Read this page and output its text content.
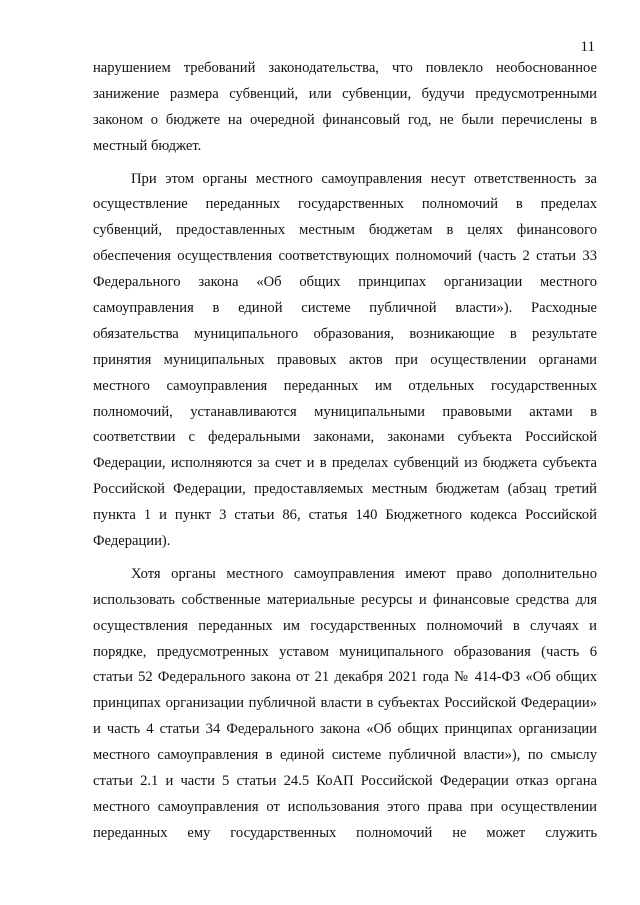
11
нарушением требований законодательства, что повлекло необоснованное
занижение размера субвенций, или субвенции, будучи предусмотренными
законом о бюджете на очередной финансовый год, не были перечислены в
местный бюджет.
При этом органы местного самоуправления несут ответственность за
осуществление переданных государственных полномочий в пределах
субвенций, предоставленных местным бюджетам в целях финансового
обеспечения осуществления соответствующих полномочий (часть 2 статьи 33
Федерального закона «Об общих принципах организации местного
самоуправления в единой системе публичной власти»). Расходные
обязательства муниципального образования, возникающие в результате
принятия муниципальных правовых актов при осуществлении органами
местного самоуправления переданных им отдельных государственных
полномочий, устанавливаются муниципальными правовыми актами в
соответствии с федеральными законами, законами субъекта Российской
Федерации, исполняются за счет и в пределах субвенций из бюджета субъекта
Российской Федерации, предоставляемых местным бюджетам (абзац третий
пункта 1 и пункт 3 статьи 86, статья 140 Бюджетного кодекса Российской
Федерации).
Хотя органы местного самоуправления имеют право дополнительно
использовать собственные материальные ресурсы и финансовые средства для
осуществления переданных им государственных полномочий в случаях и
порядке, предусмотренных уставом муниципального образования (часть 6
статьи 52 Федерального закона от 21 декабря 2021 года № 414-ФЗ «Об общих
принципах организации публичной власти в субъектах Российской Федерации»
и часть 4 статьи 34 Федерального закона «Об общих принципах организации
местного самоуправления в единой системе публичной власти»), по смыслу
статьи 2.1 и части 5 статьи 24.5 КоАП Российской Федерации отказ органа
местного самоуправления от использования этого права при осуществлении
переданных ему государственных полномочий не может служить
